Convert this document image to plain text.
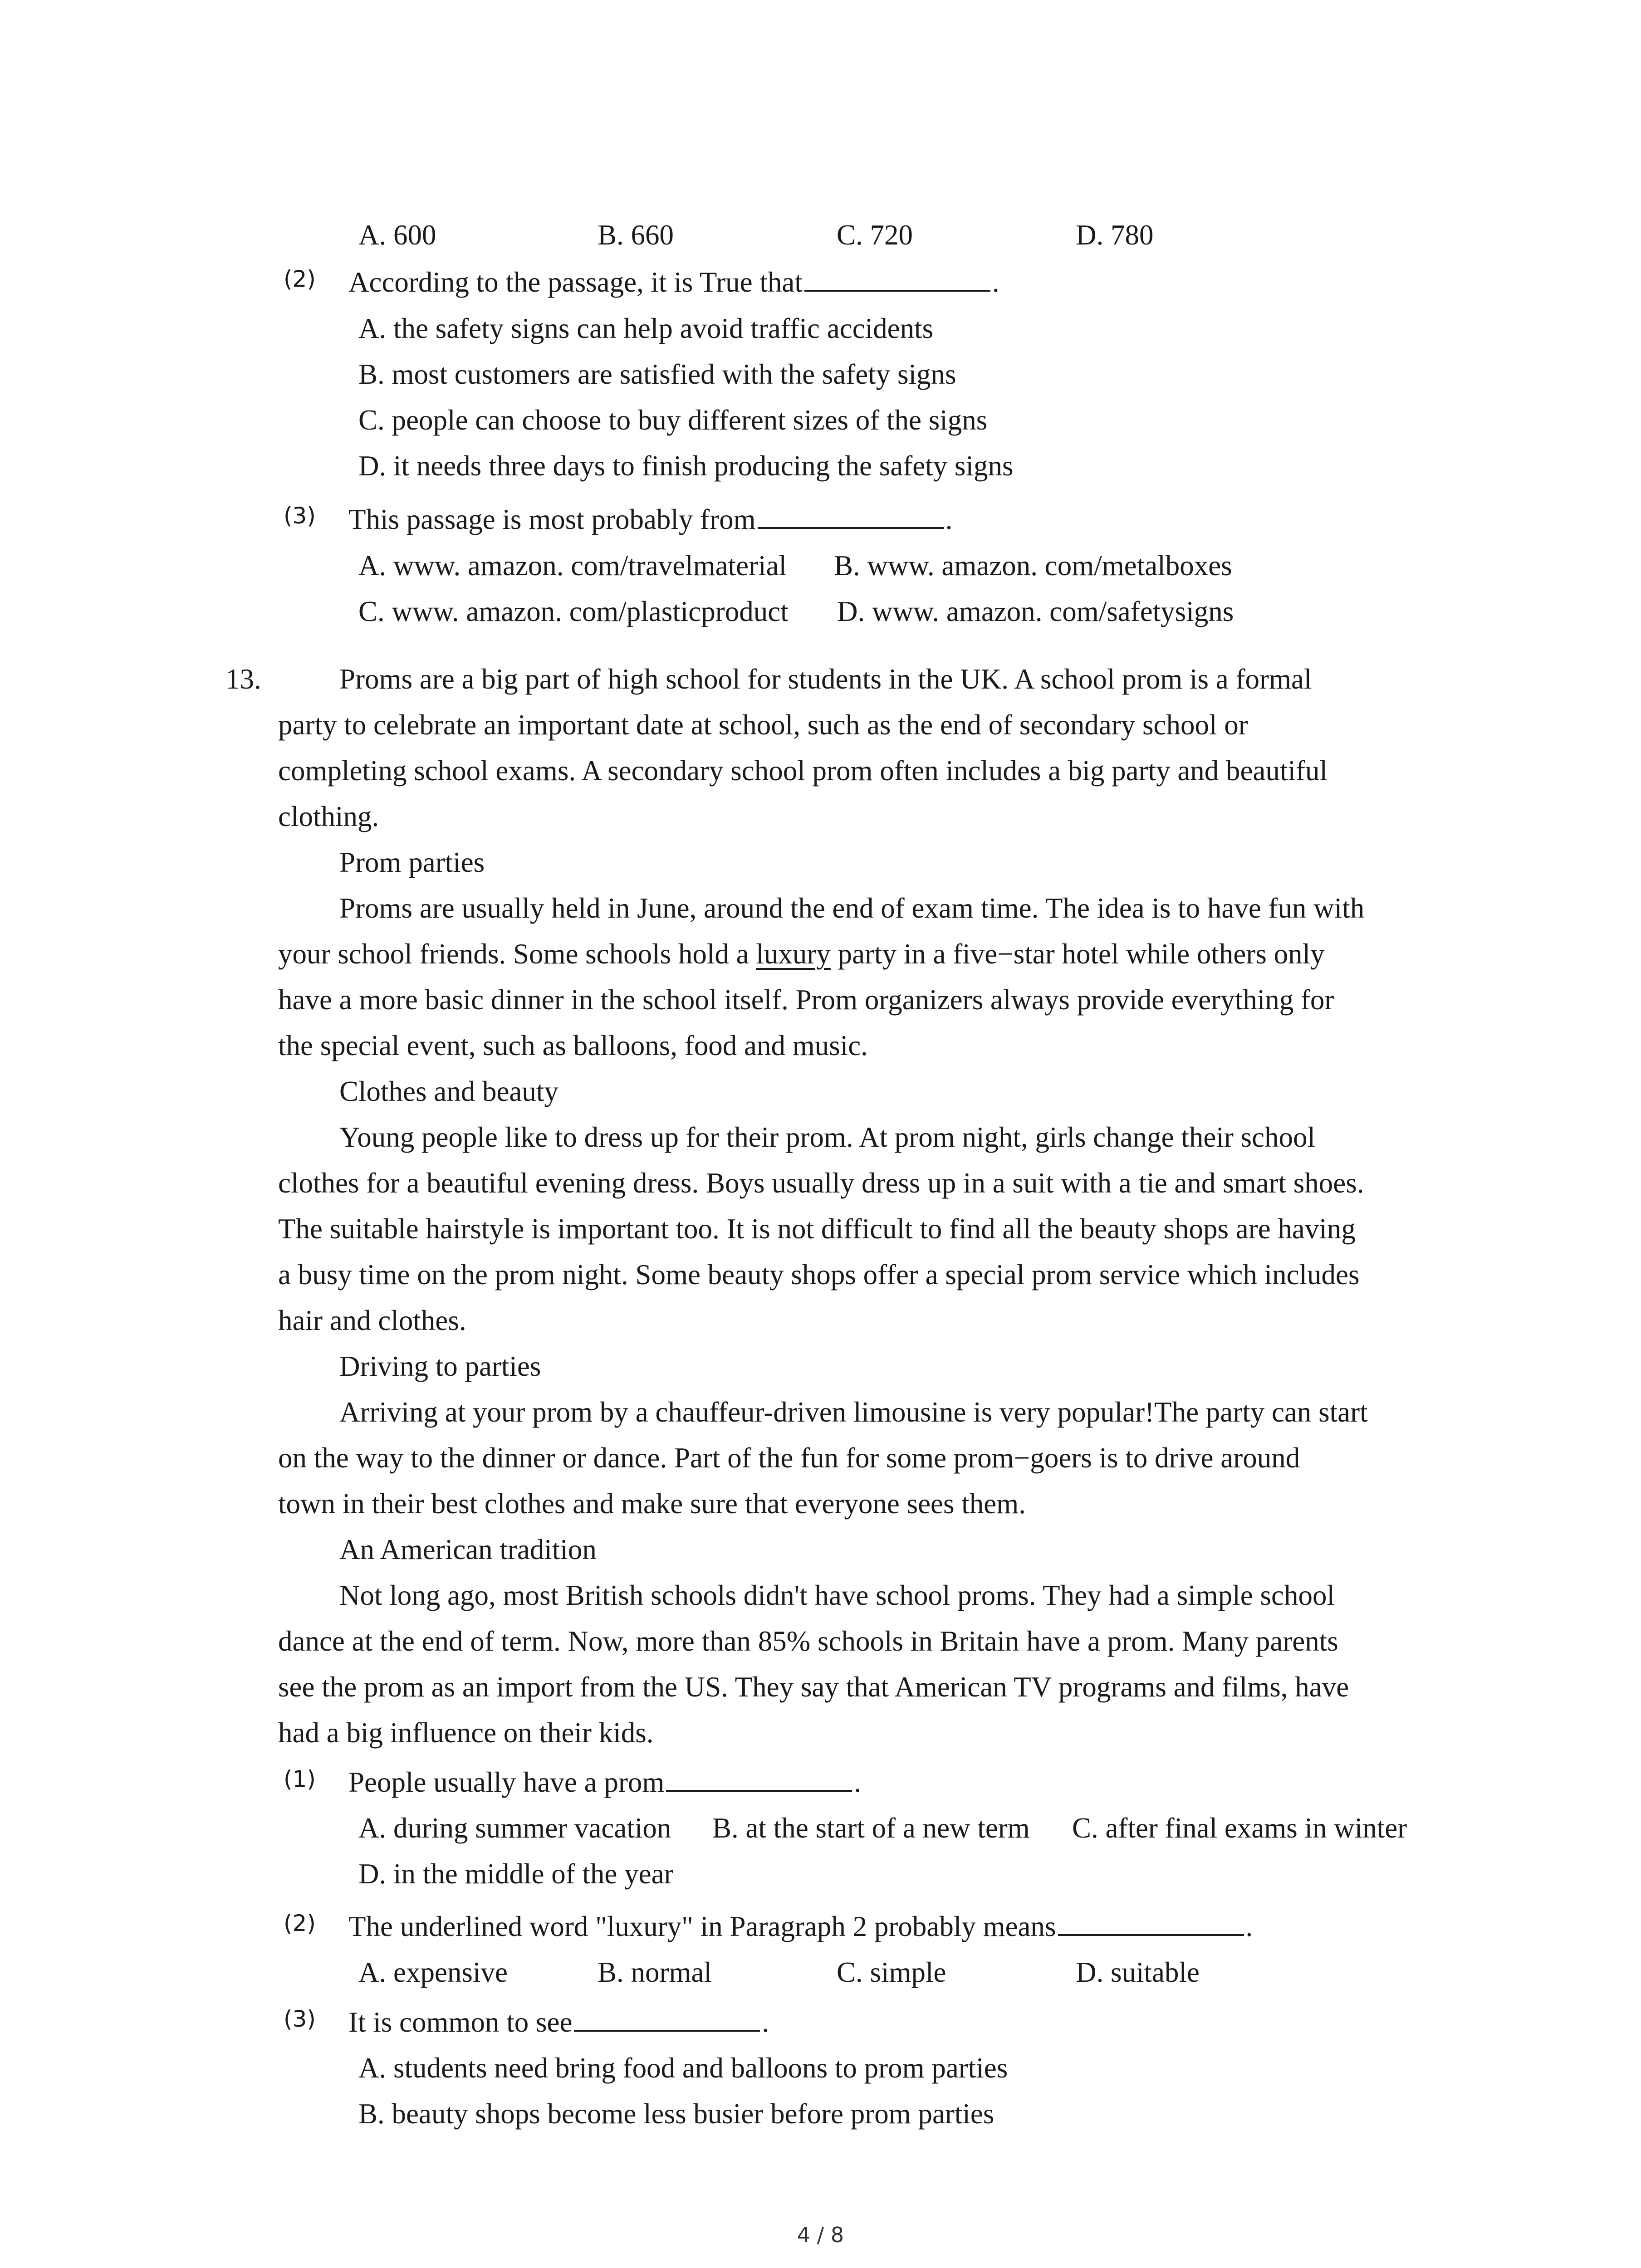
A. 600	B. 660	C. 720	D. 780
(2) According to the passage, it is True that	.
A. the safety signs can help avoid traffic accidents
B. most customers are satisfied with the safety signs
C. people can choose to buy different sizes of the signs
D. it needs three days to finish producing the safety signs
(3) This passage is most probably from	.
A. www. amazon. com/travelmaterial B. www. amazon. com/metalboxes
C. www. amazon. com/plasticproduct D. www. amazon. com/safetysigns
13.	Proms are a big part of high school for students in the UK. A school prom is a formal
party to celebrate an important date at school, such as the end of secondary school or
completing school exams. A secondary school prom often includes a big party and beautiful
clothing.
Prom parties
Proms are usually held in June, around the end of exam time. The idea is to have fun with
your school friends. Some schools hold a luxury party in a five−star hotel while others only
have a more basic dinner in the school itself. Prom organizers always provide everything for
the special event, such as balloons, food and music.
Clothes and beauty
Young people like to dress up for their prom. At prom night, girls change their school
clothes for a beautiful evening dress. Boys usually dress up in a suit with a tie and smart shoes.
The suitable hairstyle is important too. It is not difficult to find all the beauty shops are having
a busy time on the prom night. Some beauty shops offer a special prom service which includes
hair and clothes.
Driving to parties
Arriving at your prom by a chauffeur-driven limousine is very popular!The party can start
on the way to the dinner or dance. Part of the fun for some prom−goers is to drive around
town in their best clothes and make sure that everyone sees them.
An American tradition
Not long ago, most British schools didn't have school proms. They had a simple school
dance at the end of term. Now, more than 85% schools in Britain have a prom. Many parents
see the prom as an import from the US. They say that American TV programs and films, have
had a big influence on their kids.
(1) People usually have a prom	.
A. during summer vacation B. at the start of a new term C. after final exams in winter
D. in the middle of the year
(2) The underlined word "luxury" in Paragraph 2 probably means	.
A. expensive	B. normal	C. simple	D. suitable
(3) It is common to see	.
A. students need bring food and balloons to prom parties
B. beauty shops become less busier before prom parties
4 / 8
